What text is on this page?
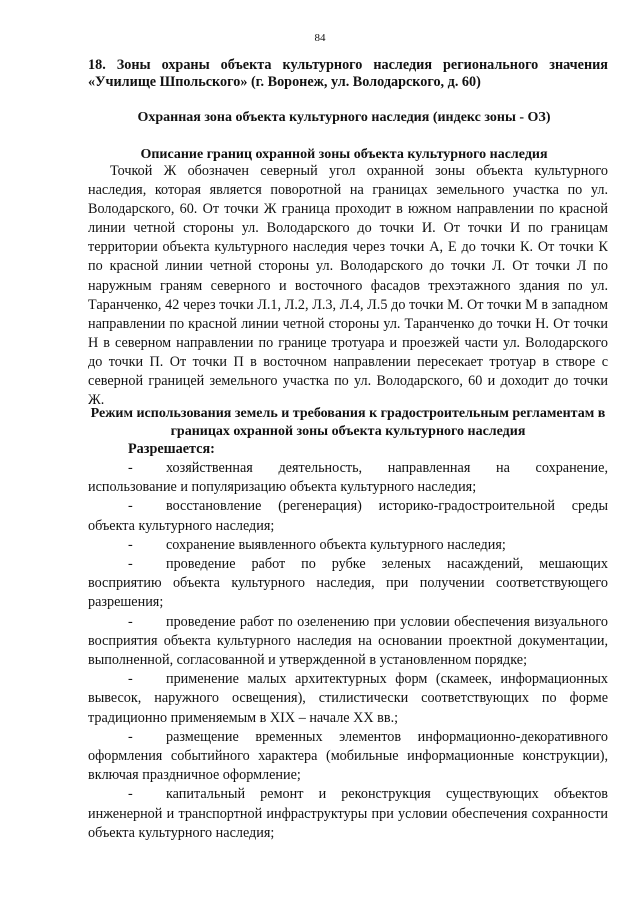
84
18. Зоны охраны объекта культурного наследия регионального значения «Училище Шпольского» (г. Воронеж, ул. Володарского, д. 60)
Охранная зона объекта культурного наследия (индекс зоны - ОЗ)
Описание границ охранной зоны объекта культурного наследия

Точкой Ж обозначен северный угол охранной зоны объекта культурного наследия, которая является поворотной на границах земельного участка по ул. Володарского, 60. От точки Ж граница проходит в южном направлении по красной линии четной стороны ул. Володарского до точки И. От точки И по границам территории объекта культурного наследия через точки А, Е до точки К. От точки К по красной линии четной стороны ул. Володарского до точки Л. От точки Л по наружным граням северного и восточного фасадов трехэтажного здания по ул. Таранченко, 42 через точки Л.1, Л.2, Л.3, Л.4, Л.5 до точки М. От точки М в западном направлении по красной линии четной стороны ул. Таранченко до точки Н. От точки Н в северном направлении по границе тротуара и проезжей части ул. Володарского до точки П. От точки П в восточном направлении пересекает тротуар в створе с северной границей земельного участка по ул. Володарского, 60 и доходит до точки Ж.

Режим использования земель и требования к градостроительным регламентам в границах охранной зоны объекта культурного наследия
Разрешается:
- хозяйственная деятельность, направленная на сохранение, использование и популяризацию объекта культурного наследия;
- восстановление (регенерация) историко-градостроительной среды объекта культурного наследия;
- сохранение выявленного объекта культурного наследия;
- проведение работ по рубке зеленых насаждений, мешающих восприятию объекта культурного наследия, при получении соответствующего разрешения;
- проведение работ по озеленению при условии обеспечения визуального восприятия объекта культурного наследия на основании проектной документации, выполненной, согласованной и утвержденной в установленном порядке;
- применение малых архитектурных форм (скамеек, информационных вывесок, наружного освещения), стилистически соответствующих по форме традиционно применяемым в XIX – начале XX вв.;
- размещение временных элементов информационно-декоративного оформления событийного характера (мобильные информационные конструкции), включая праздничное оформление;
- капитальный ремонт и реконструкция существующих объектов инженерной и транспортной инфраструктуры при условии обеспечения сохранности объекта культурного наследия;
